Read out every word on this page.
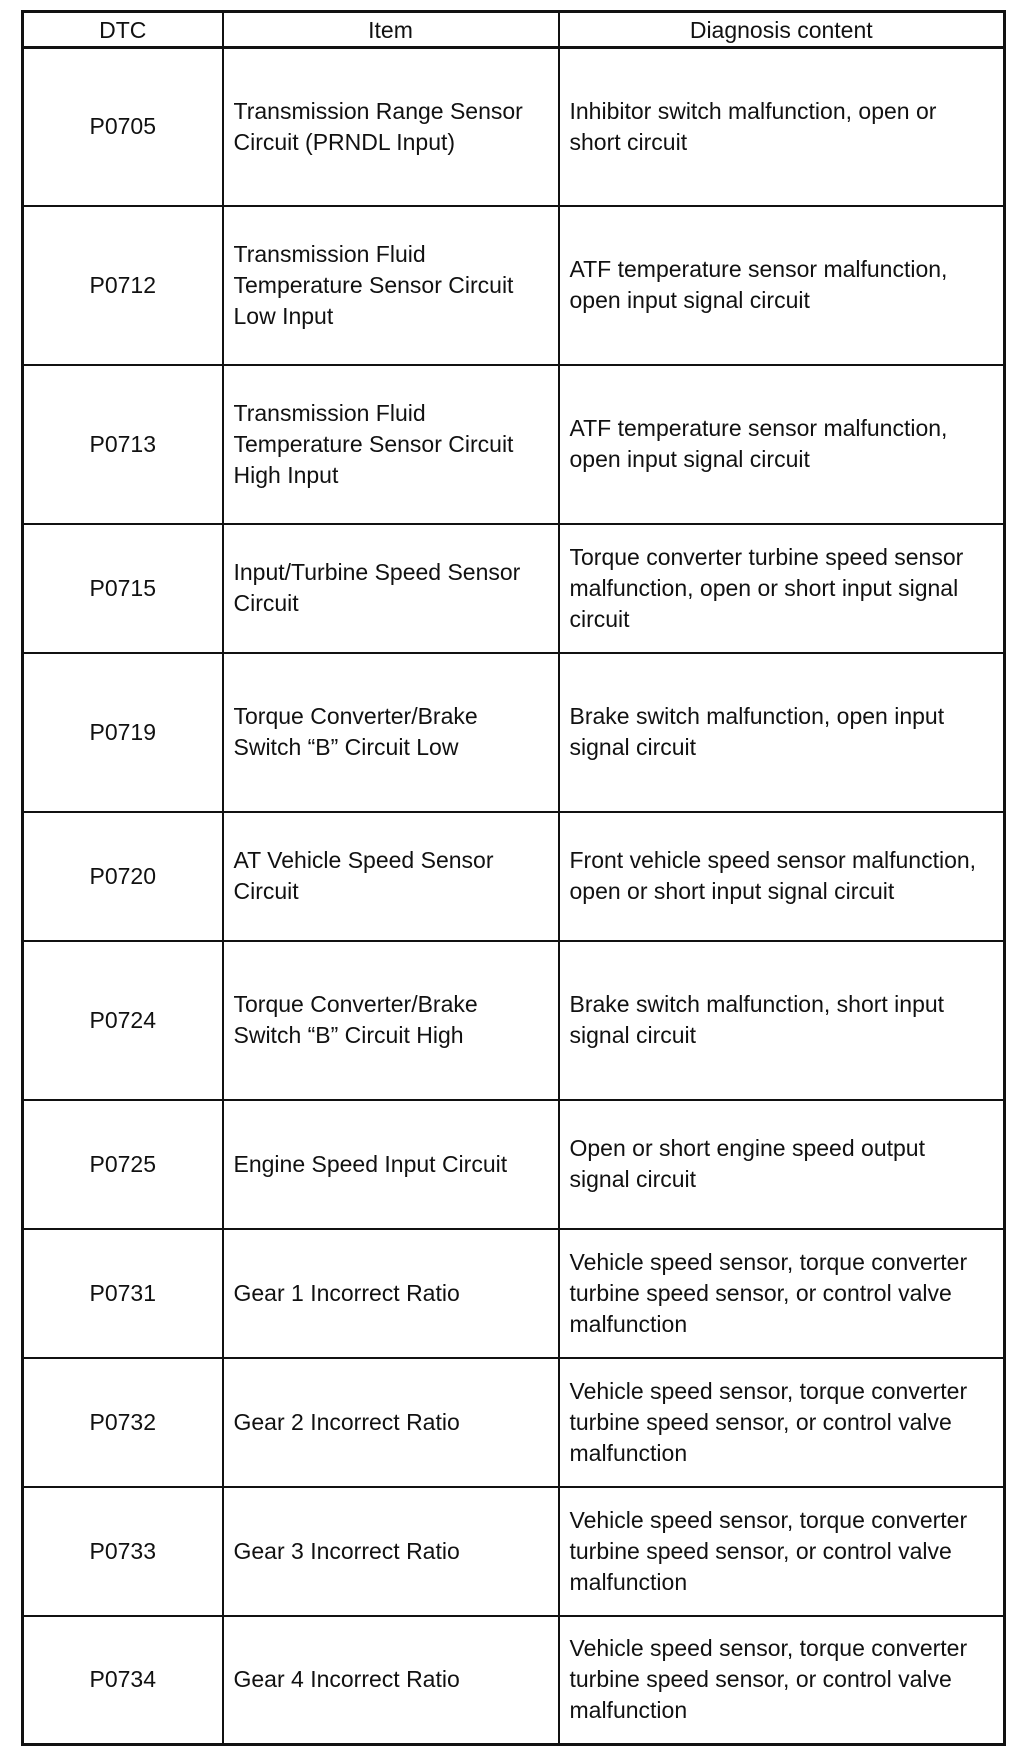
DTC	Item	Diagnosis content
P0705	Transmission Range Sensor Circuit (PRNDL Input)	Inhibitor switch malfunction, open or short circuit
P0712	Transmission Fluid Temperature Sensor Circuit Low Input	ATF temperature sensor malfunction, open input signal circuit
P0713	Transmission Fluid Temperature Sensor Circuit High Input	ATF temperature sensor malfunction, open input signal circuit
P0715	Input/Turbine Speed Sensor Circuit	Torque converter turbine speed sensor malfunction, open or short input signal circuit
P0719	Torque Converter/Brake Switch “B” Circuit Low	Brake switch malfunction, open input signal circuit
P0720	AT Vehicle Speed Sensor Circuit	Front vehicle speed sensor malfunction, open or short input signal circuit
P0724	Torque Converter/Brake Switch “B” Circuit High	Brake switch malfunction, short input signal circuit
P0725	Engine Speed Input Circuit	Open or short engine speed output signal circuit
P0731	Gear 1 Incorrect Ratio	Vehicle speed sensor, torque converter turbine speed sensor, or control valve malfunction
P0732	Gear 2 Incorrect Ratio	Vehicle speed sensor, torque converter turbine speed sensor, or control valve malfunction
P0733	Gear 3 Incorrect Ratio	Vehicle speed sensor, torque converter turbine speed sensor, or control valve malfunction
P0734	Gear 4 Incorrect Ratio	Vehicle speed sensor, torque converter turbine speed sensor, or control valve malfunction
